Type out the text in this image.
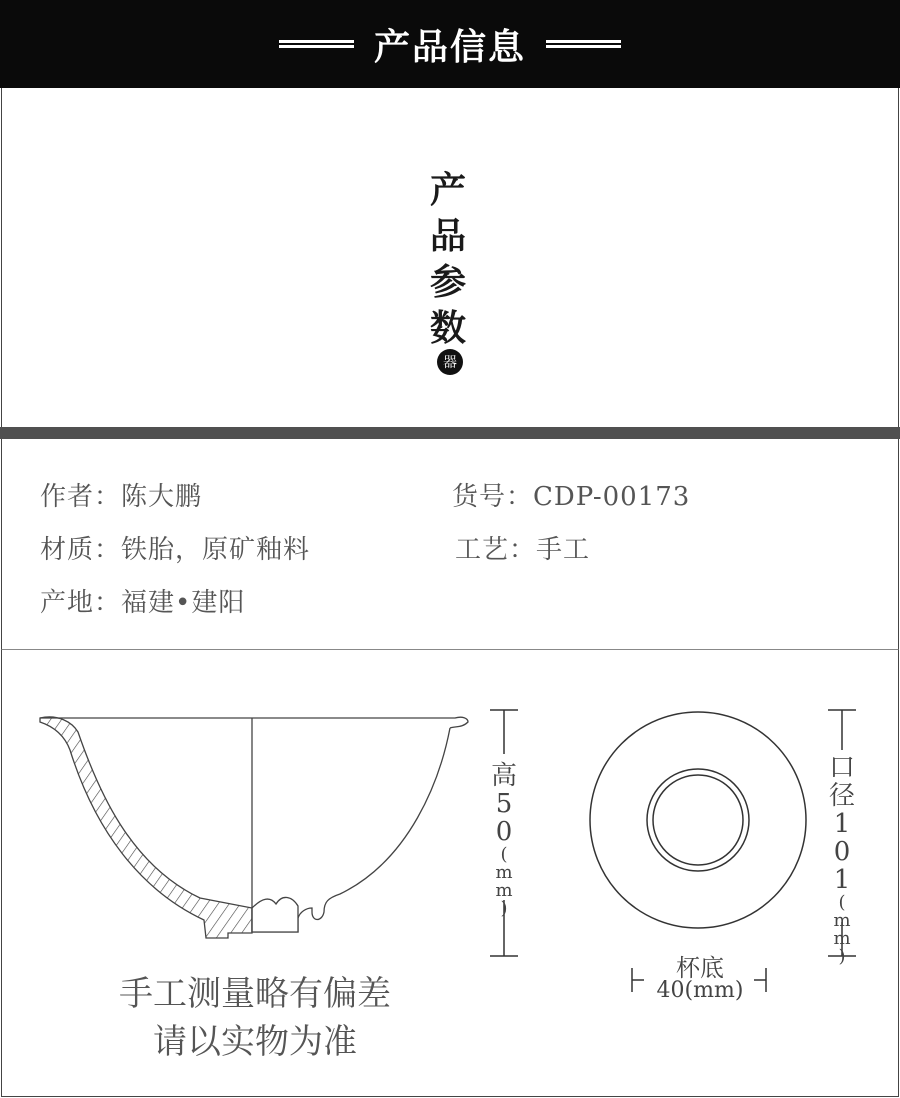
产品信息
产
品
参
数
器
作者：陈大鹏	货号：CDP-00173
材质：铁胎，原矿釉料	工艺：手工
产地：福建•建阳
高
5
0
(
m
m
)
口
径
1
0
1
(
m
m
)
杯底
40(mm)
手工测量略有偏差
请以实物为准
